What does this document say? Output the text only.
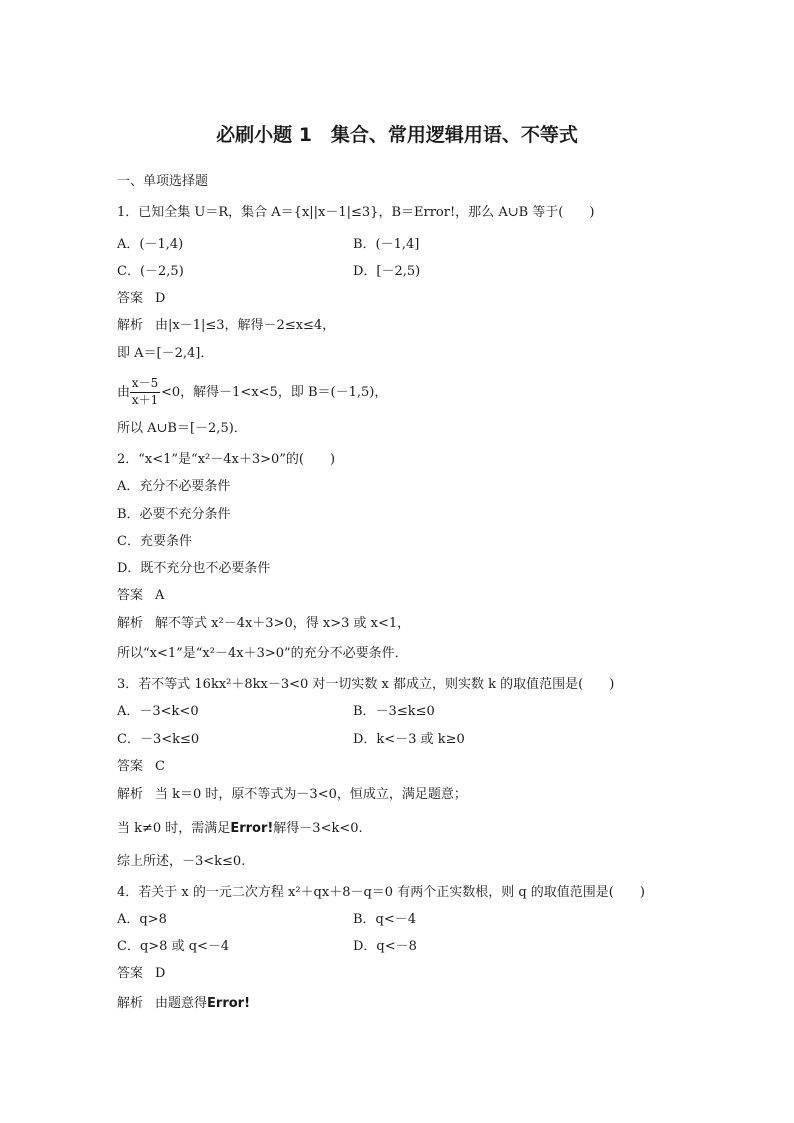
必刷小题 1　集合、常用逻辑用语、不等式
一、单项选择题
1．已知全集 U＝R，集合 A＝{x||x－1|≤3}，B＝Error!，那么 A∪B 等于(　　)
A．(－1,4)	B．(－1,4]
C．(－2,5)	D．[－2,5)
答案 D
解析 由|x－1|≤3，解得－2≤x≤4，
即 A＝[－2,4]．
由 $\frac{x-5}{x+1} <0$，解得－1<x<5，即 B＝(－1,5)，
所以 A∪B＝[－2,5)．
2．“x<1”是“x²－4x＋3>0”的(　　)
A．充分不必要条件
B．必要不充分条件
C．充要条件
D．既不充分也不必要条件
答案 A
解析 解不等式 x²－4x＋3>0，得 x>3 或 x<1，
所以“x<1”是“x²－4x＋3>0”的充分不必要条件．
3．若不等式 16kx²＋8kx－3<0 对一切实数 x 都成立，则实数 k 的取值范围是(　　)
A．－3<k<0	B．－3≤k≤0
C．－3<k≤0	D．k<－3 或 k≥0
答案 C
解析 当 k＝0 时，原不等式为－3<0，恒成立，满足题意；
当 k≠0 时，需满足Error!解得－3<k<0.
综上所述，－3<k≤0.
4．若关于 x 的一元二次方程 x²＋qx＋8－q＝0 有两个正实数根，则 q 的取值范围是(　　)
A．q>8	B．q<－4
C．q>8 或 q<－4	D．q<－8
答案 D
解析 由题意得Error!
